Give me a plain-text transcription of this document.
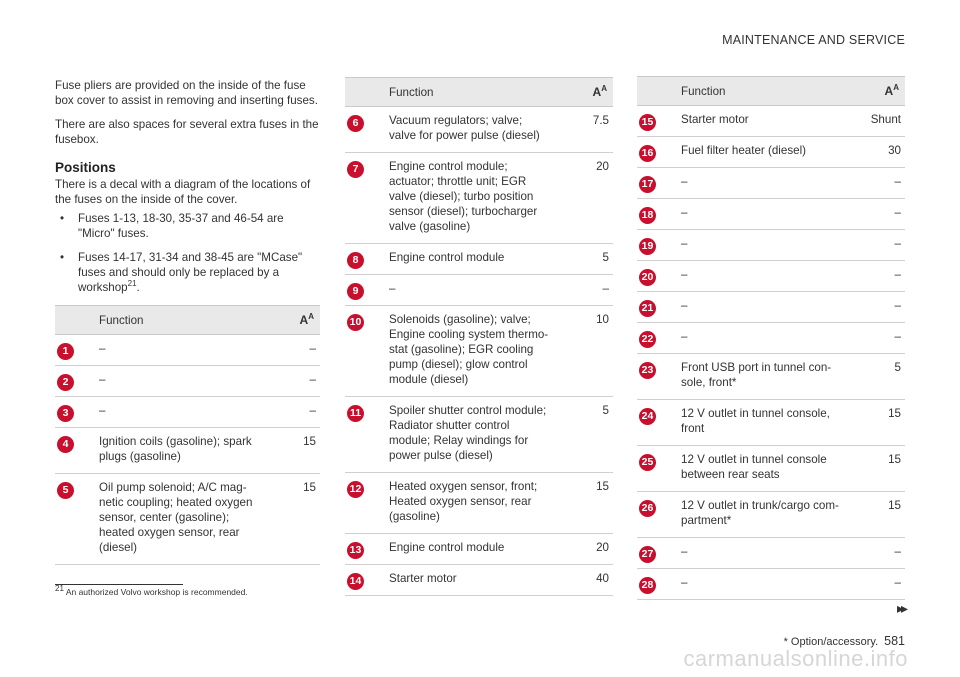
MAINTENANCE AND SERVICE

Fuse pliers are provided on the inside of the fuse box cover to assist in removing and inserting fuses.

There are also spaces for several extra fuses in the fusebox.

Positions

There is a decal with a diagram of the locations of the fuses on the inside of the cover.

• Fuses 1-13, 18-30, 35-37 and 46-54 are "Micro" fuses.
• Fuses 14-17, 31-34 and 38-45 are "MCase" fuses and should only be replaced by a workshop$^{21}$.
	Function	$A^A$
1	–	–
2	–	–
3	–	–
4	Ignition coils (gasoline); spark plugs (gasoline)	15
5	Oil pump solenoid; A/C mag-netic coupling; heated oxygen sensor, center (gasoline); heated oxygen sensor, rear (diesel)	15
	Function	$A^A$
6	Vacuum regulators; valve; valve for power pulse (diesel)	7.5
7	Engine control module; actuator; throttle unit; EGR valve (diesel); turbo position sensor (diesel); turbocharger valve (gasoline)	20
8	Engine control module	5
9	–	–
10	Solenoids (gasoline); valve; Engine cooling system thermo-stat (gasoline); EGR cooling pump (diesel); glow control module (diesel)	10
11	Spoiler shutter control module; Radiator shutter control module; Relay windings for power pulse (diesel)	5
12	Heated oxygen sensor, front; Heated oxygen sensor, rear (gasoline)	15
13	Engine control module	20
14	Starter motor	40
	Function	$A^A$
15	Starter motor	Shunt
16	Fuel filter heater (diesel)	30
17	–	–
18	–	–
19	–	–
20	–	–
21	–	–
22	–	–
23	Front USB port in tunnel con-sole, front*	5
24	12 V outlet in tunnel console, front	15
25	12 V outlet in tunnel console between rear seats	15
26	12 V outlet in trunk/cargo com-partment*	15
27	–	–
28	–	–
$^{21}$ An authorized Volvo workshop is recommended.
▸▸
* Option/accessory. 581
carmanualsonline.info
